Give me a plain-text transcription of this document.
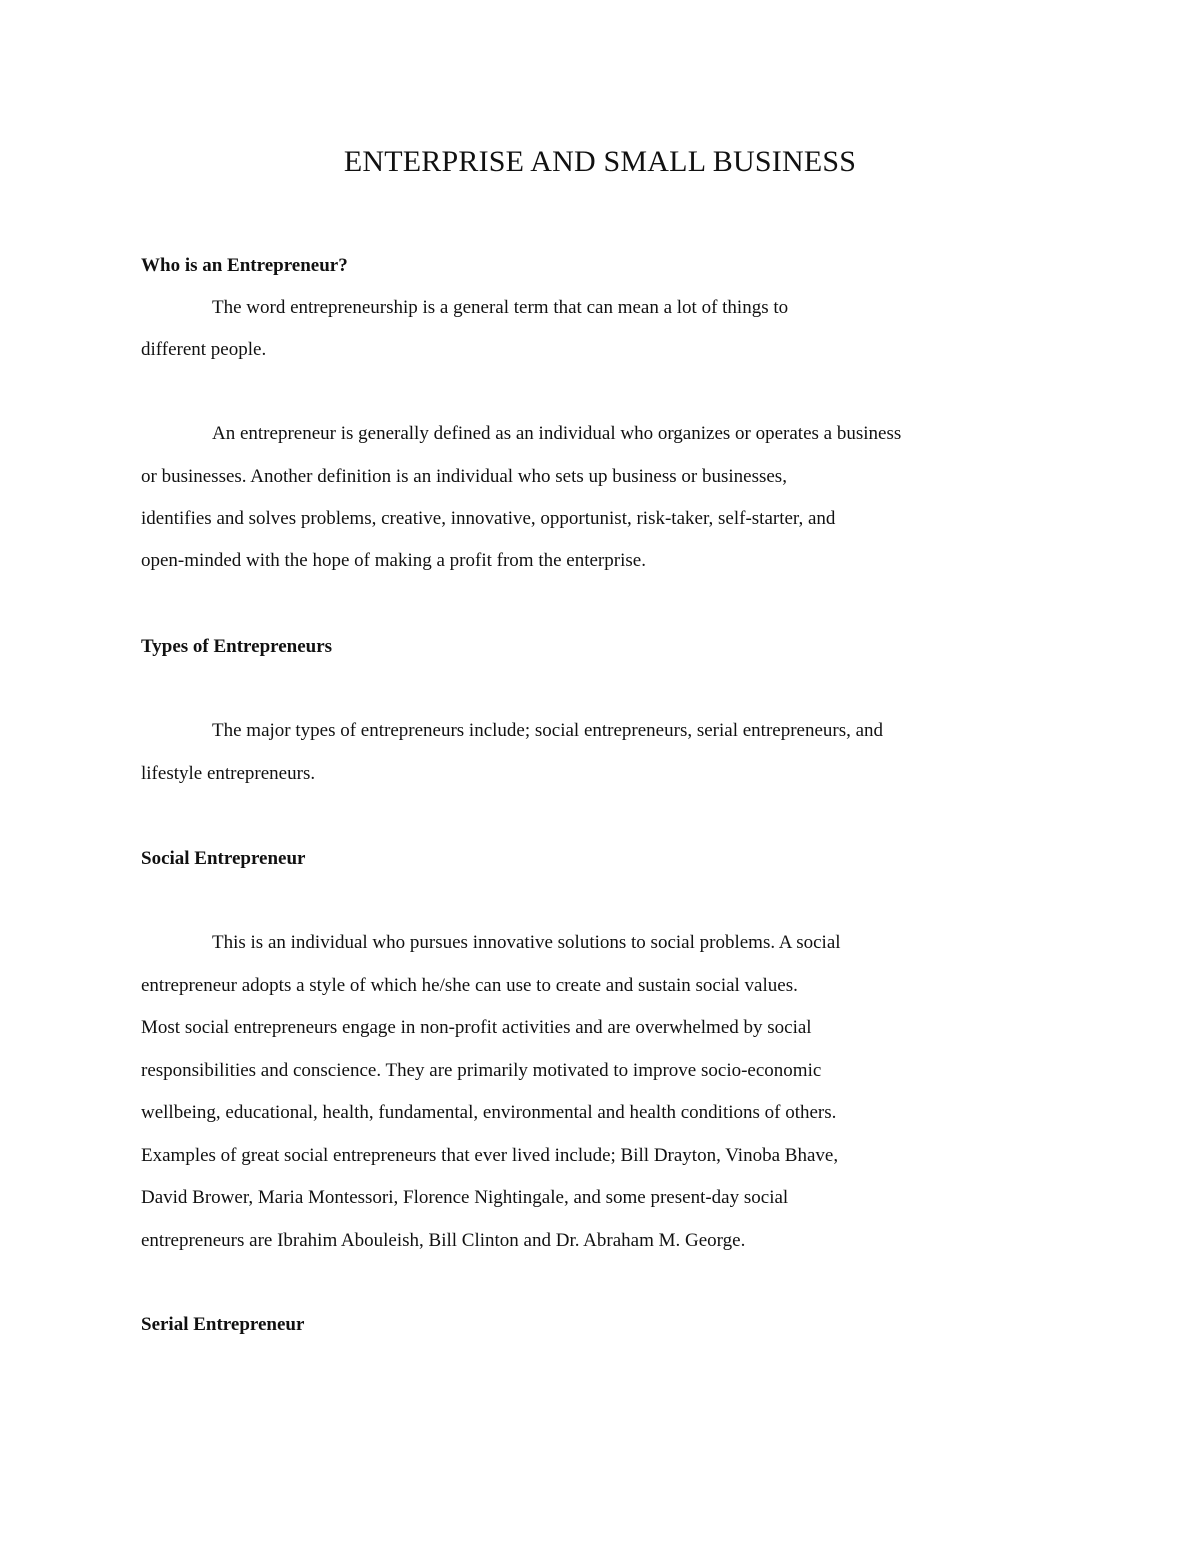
ENTERPRISE AND SMALL BUSINESS
Who is an Entrepreneur?
The word entrepreneurship is a general term that can mean a lot of things to
different people.
An entrepreneur is generally defined as an individual who organizes or operates a business
or businesses. Another definition is an individual who sets up business or businesses,
identifies and solves problems, creative, innovative, opportunist, risk-taker, self-starter, and
open-minded with the hope of making a profit from the enterprise.
Types of Entrepreneurs
The major types of entrepreneurs include; social entrepreneurs, serial entrepreneurs, and
lifestyle entrepreneurs.
Social Entrepreneur
This is an individual who pursues innovative solutions to social problems. A social
entrepreneur adopts a style of which he/she can use to create and sustain social values.
Most social entrepreneurs engage in non-profit activities and are overwhelmed by social
responsibilities and conscience. They are primarily motivated to improve socio-economic
wellbeing, educational, health, fundamental, environmental and health conditions of others.
Examples of great social entrepreneurs that ever lived include; Bill Drayton, Vinoba Bhave,
David Brower, Maria Montessori, Florence Nightingale, and some present-day social
entrepreneurs are Ibrahim Abouleish, Bill Clinton and Dr. Abraham M. George.
Serial Entrepreneur
